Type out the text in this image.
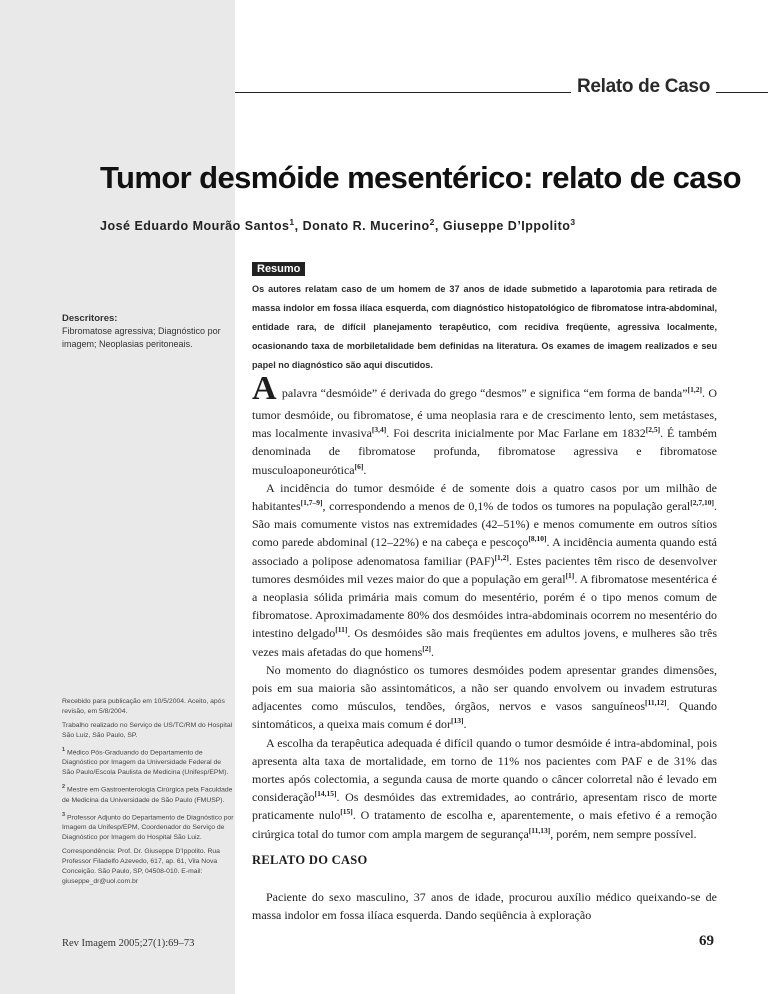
Relato de Caso
Tumor desmóide mesentérico: relato de caso
José Eduardo Mourão Santos$^1$, Donato R. Mucerino$^2$, Giuseppe D’Ippolito$^3$
Resumo

Os autores relatam caso de um homem de 37 anos de idade submetido a laparotomia para retirada de massa indolor em fossa ilíaca esquerda, com diagnóstico histopatológico de fibromatose intra-abdominal, entidade rara, de difícil planejamento terapêutico, com recidiva freqüente, agressiva localmente, ocasionando taxa de morbiletalidade bem definidas na literatura. Os exames de imagem realizados e seu papel no diagnóstico são aqui discutidos.

Descritores:
Fibromatose agressiva; Diagnóstico por imagem; Neoplasias peritoneais.

Recebido para publicação em 10/5/2004. Aceito, após revisão, em 5/8/2004.

Trabalho realizado no Serviço de US/TC/RM do Hospital São Luiz, São Paulo, SP.

$^1$ Médico Pós-Graduando do Departamento de Diagnóstico por Imagem da Universidade Federal de São Paulo/Escola Paulista de Medicina (Unifesp/EPM).

$^2$ Mestre em Gastroenterologia Cirúrgica pela Faculdade de Medicina da Universidade de São Paulo (FMUSP).

$^3$ Professor Adjunto do Departamento de Diagnóstico por Imagem da Unifesp/EPM, Coordenador do Serviço de Diagnóstico por Imagem do Hospital São Luiz.

Correspondência: Prof. Dr. Giuseppe D’Ippolito. Rua Professor Filadelfo Azevedo, 617, ap. 61, Vila Nova Conceição. São Paulo, SP, 04508-010. E-mail: giuseppe_dr@uol.com.br

A palavra “desmóide” é derivada do grego “desmos” e significa “em forma de banda”[1,2]. O tumor desmóide, ou fibromatose, é uma neoplasia rara e de crescimento lento, sem metástases, mas localmente invasiva[3,4]. Foi descrita inicialmente por Mac Farlane em 1832[2,5]. É também denominada de fibromatose profunda, fibromatose agressiva e fibromatose musculoaponeurótica[6].

A incidência do tumor desmóide é de somente dois a quatro casos por um milhão de habitantes[1,7–9], correspondendo a menos de 0,1% de todos os tumores na população geral[2,7,10]. São mais comumente vistos nas extremidades (42–51%) e menos comumente em outros sítios como parede abdominal (12–22%) e na cabeça e pescoço[8,10]. A incidência aumenta quando está associado a polipose adenomatosa familiar (PAF)[1,2]. Estes pacientes têm risco de desenvolver tumores desmóides mil vezes maior do que a população em geral[1]. A fibromatose mesentérica é a neoplasia sólida primária mais comum do mesentério, porém é o tipo menos comum de fibromatose. Aproximadamente 80% dos desmóides intra-abdominais ocorrem no mesentério do intestino delgado[11]. Os desmóides são mais freqüentes em adultos jovens, e mulheres são três vezes mais afetadas do que homens[2].

No momento do diagnóstico os tumores desmóides podem apresentar grandes dimensões, pois em sua maioria são assintomáticos, a não ser quando envolvem ou invadem estruturas adjacentes como músculos, tendões, órgãos, nervos e vasos sanguíneos[11,12]. Quando sintomáticos, a queixa mais comum é dor[13].

A escolha da terapêutica adequada é difícil quando o tumor desmóide é intra-abdominal, pois apresenta alta taxa de mortalidade, em torno de 11% nos pacientes com PAF e de 31% das mortes após colectomia, a segunda causa de morte quando o câncer colorretal não é levado em consideração[14,15]. Os desmóides das extremidades, ao contrário, apresentam risco de morte praticamente nulo[15]. O tratamento de escolha e, aparentemente, o mais efetivo é a remoção cirúrgica total do tumor com ampla margem de segurança[11,13], porém, nem sempre possível.

RELATO DO CASO

Paciente do sexo masculino, 37 anos de idade, procurou auxílio médico queixando-se de massa indolor em fossa ilíaca esquerda. Dando seqüência à exploração

Rev Imagem 2005;27(1):69–73	69
